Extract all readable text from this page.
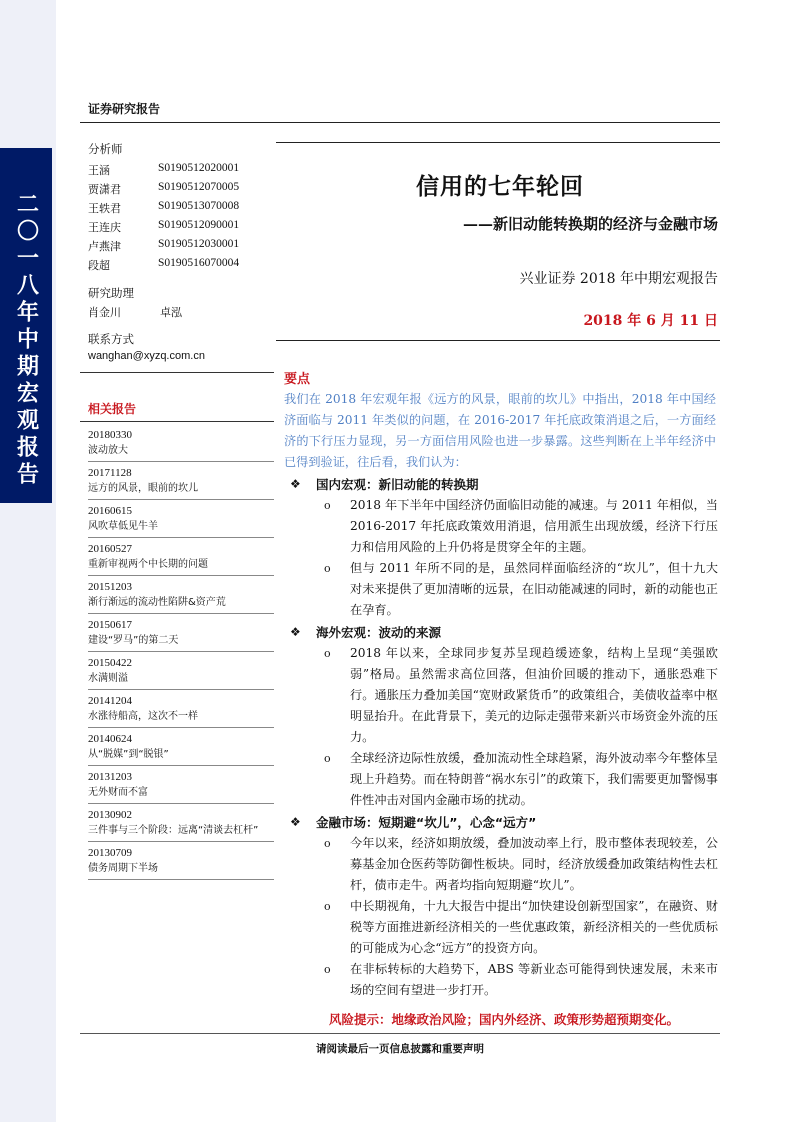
二〇一八年中期宏观报告
证券研究报告
分析师
王涵	S0190512020001
贾潇君	S0190512070005
王轶君	S0190513070008
王连庆	S0190512090001
卢燕津	S0190512030001
段超	S0190516070004
研究助理
肖金川	卓泓
联系方式
wanghan@xyzq.com.cn
相关报告
20180330
波动放大
20171128
远方的风景，眼前的坎儿
20160615
风吹草低见牛羊
20160527
重新审视两个中长期的问题
20151203
渐行渐远的流动性陷阱&资产荒
20150617
建设“罗马”的第二天
20150422
水满则溢
20141204
水涨待船高，这次不一样
20140624
从“脱媒”到“脱银”
20131203
无外财而不富
20130902
三件事与三个阶段：远离“清谈去杠杆”
20130709
债务周期下半场
信用的七年轮回
——新旧动能转换期的经济与金融市场
兴业证券 2018 年中期宏观报告
2018 年 6 月 11 日
要点

我们在 2018 年宏观年报《远方的风景，眼前的坎儿》中指出，2018 年中国经济面临与 2011 年类似的问题，在 2016-2017 年托底政策消退之后，一方面经济的下行压力显现，另一方面信用风险也进一步暴露。这些判断在上半年经济中已得到验证，往后看，我们认为：

❖	国内宏观：新旧动能的转换期
o	2018 年下半年中国经济仍面临旧动能的减速。与 2011 年相似，当 2016-2017 年托底政策效用消退，信用派生出现放缓，经济下行压力和信用风险的上升仍将是贯穿全年的主题。
o	但与 2011 年所不同的是，虽然同样面临经济的“坎儿”，但十九大对未来提供了更加清晰的远景，在旧动能减速的同时，新的动能也正在孕育。
❖	海外宏观：波动的来源
o	2018 年以来，全球同步复苏呈现趋缓迹象，结构上呈现“美强欧弱”格局。虽然需求高位回落，但油价回暖的推动下，通胀恐难下行。通胀压力叠加美国“宽财政紧货币”的政策组合，美债收益率中枢明显抬升。在此背景下，美元的边际走强带来新兴市场资金外流的压力。
o	全球经济边际性放缓，叠加流动性全球趋紧，海外波动率今年整体呈现上升趋势。而在特朗普“祸水东引”的政策下，我们需要更加警惕事件性冲击对国内金融市场的扰动。
❖	金融市场：短期避“坎儿”，心念“远方”
o	今年以来，经济如期放缓，叠加波动率上行，股市整体表现较差，公募基金加仓医药等防御性板块。同时，经济放缓叠加政策结构性去杠杆，债市走牛。两者均指向短期避“坎儿”。
o	中长期视角，十九大报告中提出“加快建设创新型国家”，在融资、财税等方面推进新经济相关的一些优惠政策，新经济相关的一些优质标的可能成为心念“远方”的投资方向。
o	在非标转标的大趋势下，ABS 等新业态可能得到快速发展，未来市场的空间有望进一步打开。
风险提示：地缘政治风险；国内外经济、政策形势超预期变化。
请阅读最后一页信息披露和重要声明
